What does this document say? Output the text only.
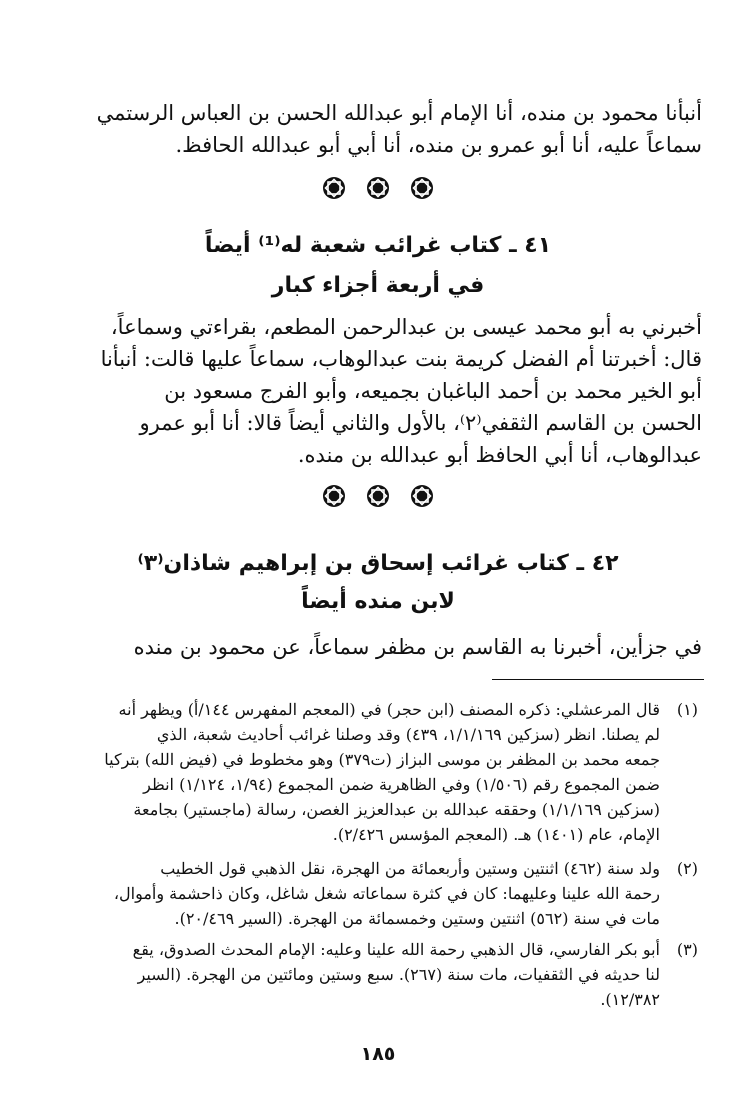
أنبأنا محمود بن منده، أنا الإمام أبو عبدالله الحسن بن العباس الرستمي
سماعاً عليه، أنا أبو عمرو بن منده، أنا أبي أبو عبدالله الحافظ.
٤١ ـ كتاب غرائب شعبة له⁽¹⁾ أيضاً
في أربعة أجزاء كبار
أخبرني به أبو محمد عيسى بن عبدالرحمن المطعم، بقراءتي وسماعاً،
قال: أخبرتنا أم الفضل كريمة بنت عبدالوهاب، سماعاً عليها قالت: أنبأنا
أبو الخير محمد بن أحمد الباغبان بجميعه، وأبو الفرج مسعود بن
الحسن بن القاسم الثقفي⁽٢⁾، بالأول والثاني أيضاً قالا: أنا أبو عمرو
عبدالوهاب، أنا أبي الحافظ أبو عبدالله بن منده.
٤٢ ـ كتاب غرائب إسحاق بن إبراهيم شاذان⁽٣⁾
لابن منده أيضاً
في جزأين، أخبرنا به القاسم بن مظفر سماعاً، عن محمود بن منده
(١)
قال المرعشلي: ذكره المصنف (ابن حجر) في (المعجم المفهرس ١٤٤/أ) ويظهر أنه
لم يصلنا. انظر (سزكين ١/١/١٦٩، ٤٣٩) وقد وصلنا غرائب أحاديث شعبة، الذي
جمعه محمد بن المظفر بن موسى البزاز (ت٣٧٩) وهو مخطوط في (فيض الله) بتركيا
ضمن المجموع رقم (١/٥٠٦) وفي الظاهرية ضمن المجموع (١/٩٤، ١/١٢٤) انظر
(سزكين ١/١/١٦٩) وحققه عبدالله بن عبدالعزيز الغصن، رسالة (ماجستير) بجامعة
الإمام، عام (١٤٠١) هـ. (المعجم المؤسس ٢/٤٢٦).
(٢)
ولد سنة (٤٦٢) اثنتين وستين وأربعمائة من الهجرة، نقل الذهبي قول الخطيب
رحمة الله علينا وعليهما: كان في كثرة سماعاته شغل شاغل، وكان ذاحشمة وأموال،
مات في سنة (٥٦٢) اثنتين وستين وخمسمائة من الهجرة. (السير ٢٠/٤٦٩).
(٣)
أبو بكر الفارسي، قال الذهبي رحمة الله علينا وعليه: الإمام المحدث الصدوق، يقع
لنا حديثه في الثقفيات، مات سنة (٢٦٧). سبع وستين ومائتين من الهجرة. (السير
١٢/٣٨٢).
١٨٥
